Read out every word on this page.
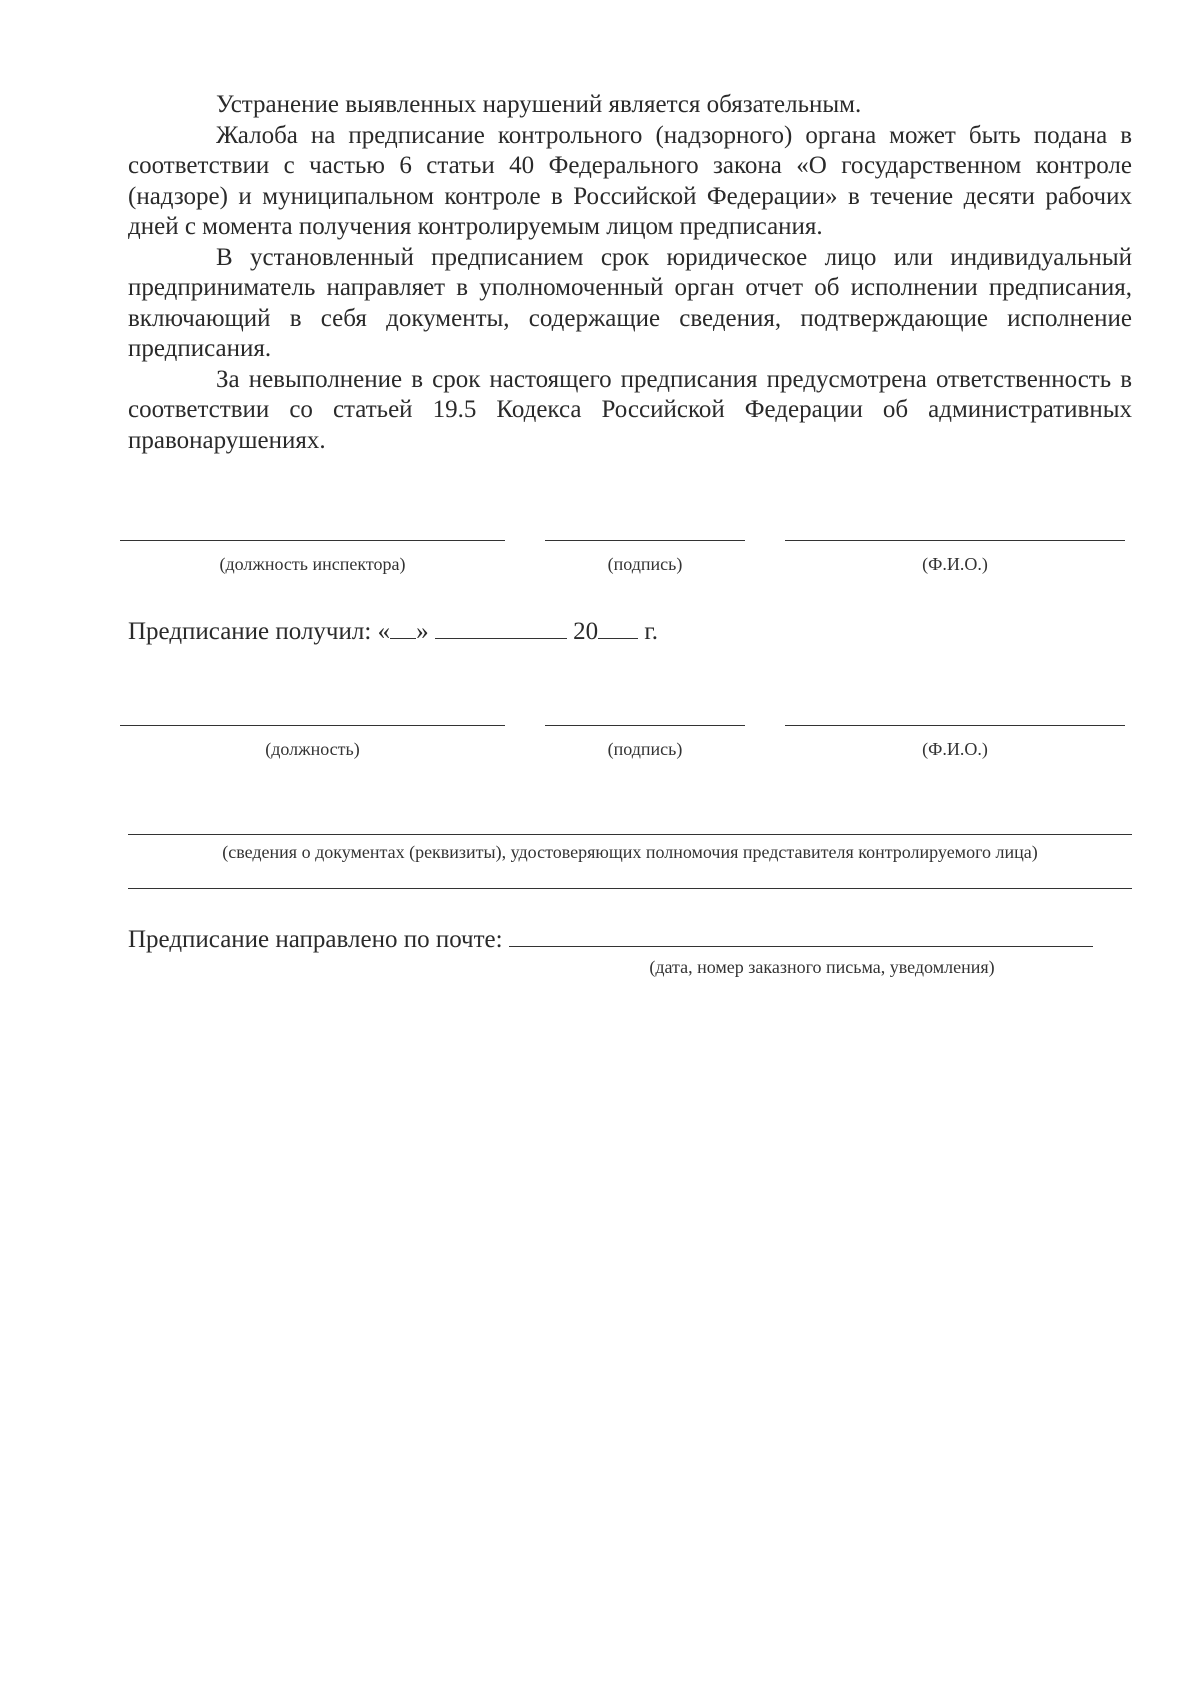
Устранение выявленных нарушений является обязательным.

Жалоба на предписание контрольного (надзорного) органа может быть подана в соответствии с частью 6 статьи 40 Федерального закона «О государственном контроле (надзоре) и муниципальном контроле в Российской Федерации» в течение десяти рабочих дней с момента получения контролируемым лицом предписания.

В установленный предписанием срок юридическое лицо или индивидуальный предприниматель направляет в уполномоченный орган отчет об исполнении предписания, включающий в себя документы, содержащие сведения, подтверждающие исполнение предписания.

За невыполнение в срок настоящего предписания предусмотрена ответственность в соответствии со статьей 19.5 Кодекса Российской Федерации об административных правонарушениях.

(должность инспектора)	(подпись)	(Ф.И.О.)
Предписание получил: « »	20 г.
(должность)	(подпись)	(Ф.И.О.)
(сведения о документах (реквизиты), удостоверяющих полномочия представителя контролируемого лица)
Предписание направлено по почте:
(дата, номер заказного письма, уведомления)
